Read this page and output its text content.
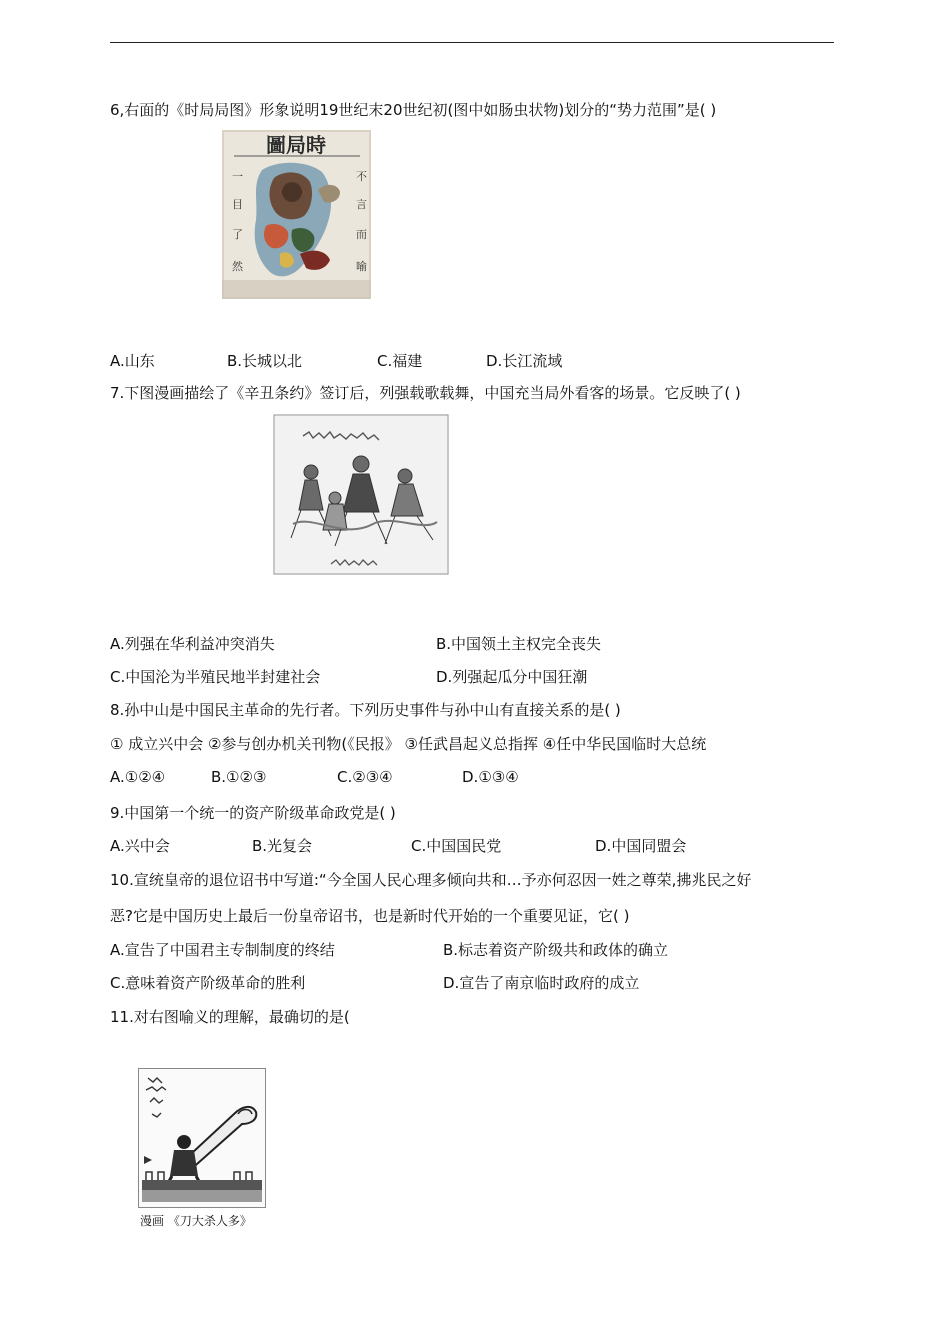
6,右面的《时局局图》形象说明19世纪末20世纪初(图中如肠虫状物)划分的“势力范围”是( )
圖局時
一
目
了
然
不
言
而
喻
A.山东	B.长城以北	C.福建	D.长江流域
7.下图漫画描绘了《辛丑条约》签订后，列强载歌载舞，中国充当局外看客的场景。它反映了( )
A.列强在华利益冲突消失	B.中国领土主权完全丧失
C.中国沦为半殖民地半封建社会	D.列强起瓜分中国狂潮
8.孙中山是中国民主革命的先行者。下列历史事件与孙中山有直接关系的是( )
① 成立兴中会 ②参与创办机关刊物(《民报》 ③任武昌起义总指挥 ④任中华民国临时大总统
A.①②④	B.①②③	C.②③④	D.①③④
9.中国第一个统一的资产阶级革命政党是( )
A.兴中会	B.光复会	C.中国国民党	D.中国同盟会
10.宣统皇帝的退位诏书中写道:“今全国人民心理多倾向共和…予亦何忍因一姓之尊荣,拂兆民之好
恶?它是中国历史上最后一份皇帝诏书，也是新时代开始的一个重要见证，它( )
A.宣告了中国君主专制制度的终结	B.标志着资产阶级共和政体的确立
C.意味着资产阶级革命的胜利	D.宣告了南京临时政府的成立
11.对右图喻义的理解，最确切的是(
漫画 《刀大杀人多》
